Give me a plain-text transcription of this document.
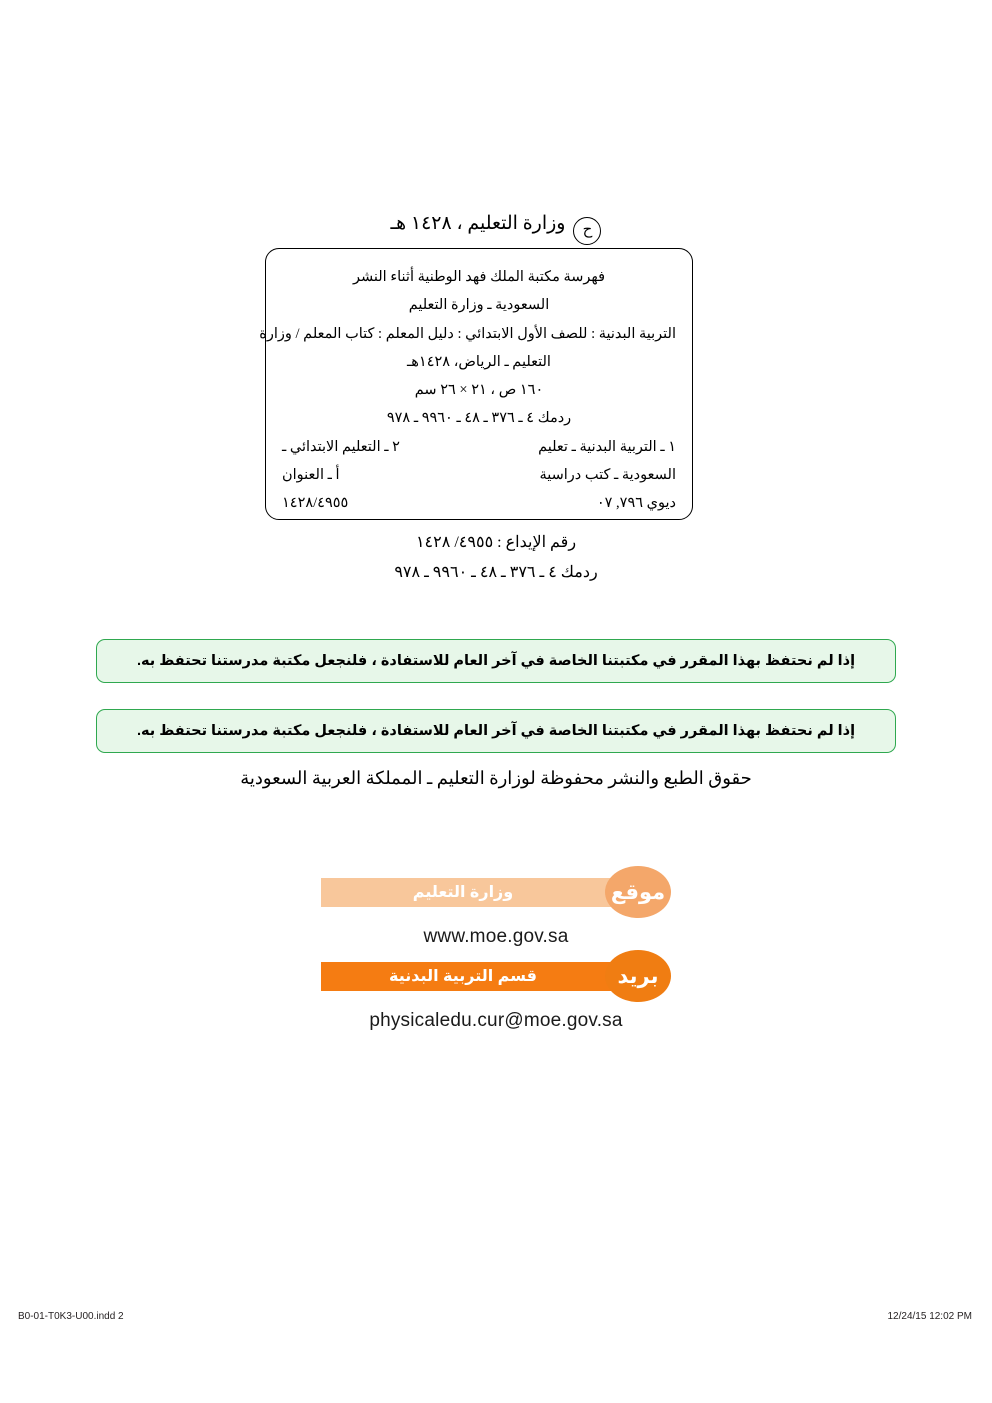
حوزارة التعليم ، ١٤٢٨ هـ
فهرسة مكتبة الملك فهد الوطنية أثناء النشر
السعودية ـ وزارة التعليم
التربية البدنية : للصف الأول الابتدائي : دليل المعلم : كتاب المعلم / وزارة
التعليم ـ الرياض، ١٤٢٨هـ
١٦٠ ص ، ٢١ × ٢٦ سم
ردمك ٤ ـ ٣٧٦ ـ ٤٨ ـ ٩٩٦٠ ـ ٩٧٨
١ ـ التربية البدنية ـ تعليم
٢ ـ التعليم الابتدائي ـ
السعودية ـ كتب دراسية
أ ـ العنوان
ديوي ٧٩٦, ٠٧
١٤٢٨/٤٩٥٥
رقم الإيداع : ٤٩٥٥/ ١٤٢٨
ردمك ٤ ـ ٣٧٦ ـ ٤٨ ـ ٩٩٦٠ ـ ٩٧٨
إذا لم نحتفظ بهذا المقرر في مكتبتنا الخاصة في آخر العام للاستفادة ، فلنجعل مكتبة مدرستنا تحتفظ به.
إذا لم نحتفظ بهذا المقرر في مكتبتنا الخاصة في آخر العام للاستفادة ، فلنجعل مكتبة مدرستنا تحتفظ به.
حقوق الطبع والنشر محفوظة لوزارة التعليم ـ المملكة العربية السعودية
موقع
وزارة التعليم
www.moe.gov.sa
بريد
قسم التربية البدنية
physicaledu.cur@moe.gov.sa
B0-01-T0K3-U00.indd 2	12/24/15 12:02 PM
